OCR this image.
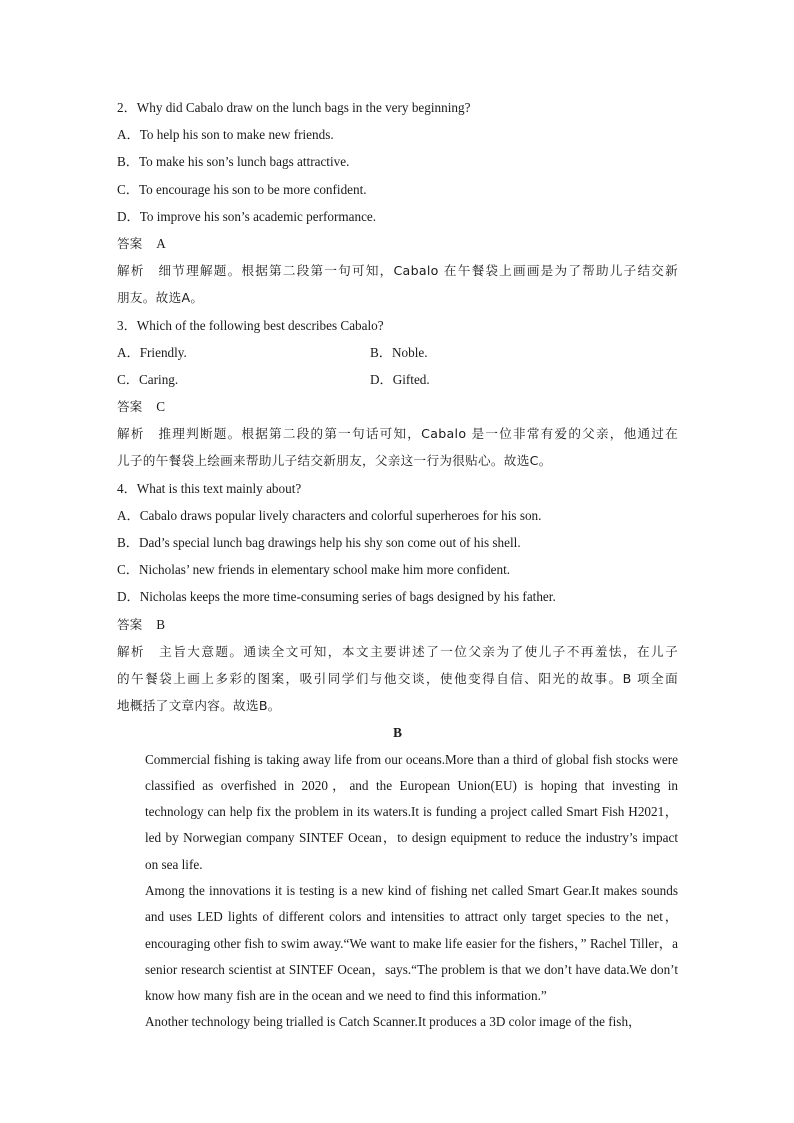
2．Why did Cabalo draw on the lunch bags in the very beginning?
A．To help his son to make new friends.
B．To make his son’s lunch bags attractive.
C．To encourage his son to be more confident.
D．To improve his son’s academic performance.
答案 A
解析　细节理解题。根据第二段第一句可知，Cabalo 在午餐袋上画画是为了帮助儿子结交新
朋友。故选A。
3．Which of the following best describes Cabalo?
A．Friendly.	B．Noble.
C．Caring.	D．Gifted.
答案 C
解析　推理判断题。根据第二段的第一句话可知，Cabalo 是一位非常有爱的父亲，他通过在
儿子的午餐袋上绘画来帮助儿子结交新朋友，父亲这一行为很贴心。故选C。
4．What is this text mainly about?
A．Cabalo draws popular lively characters and colorful superheroes for his son.
B．Dad’s special lunch bag drawings help his shy son come out of his shell.
C．Nicholas’ new friends in elementary school make him more confident.
D．Nicholas keeps the more time-consuming series of bags designed by his father.
答案 B
解析　主旨大意题。通读全文可知，本文主要讲述了一位父亲为了使儿子不再羞怯，在儿子
的午餐袋上画上多彩的图案，吸引同学们与他交谈，使他变得自信、阳光的故事。B 项全面
地概括了文章内容。故选B。
B

Commercial fishing is taking away life from our oceans.More than a third of global fish stocks were classified as overfished in 2020，and the European Union(EU) is hoping that investing in technology can help fix the problem in its waters.It is funding a project called Smart Fish H2021，led by Norwegian company SINTEF Ocean，to design equipment to reduce the industry’s impact on sea life.

Among the innovations it is testing is a new kind of fishing net called Smart Gear.It makes sounds and uses LED lights of different colors and intensities to attract only target species to the net，encouraging other fish to swim away.“We want to make life easier for the fishers，” Rachel Tiller，a senior research scientist at SINTEF Ocean，says.“The problem is that we don’t have data.We don’t know how many fish are in the ocean and we need to find this information.”

Another technology being trialled is Catch Scanner.It produces a 3D color image of the fish，
